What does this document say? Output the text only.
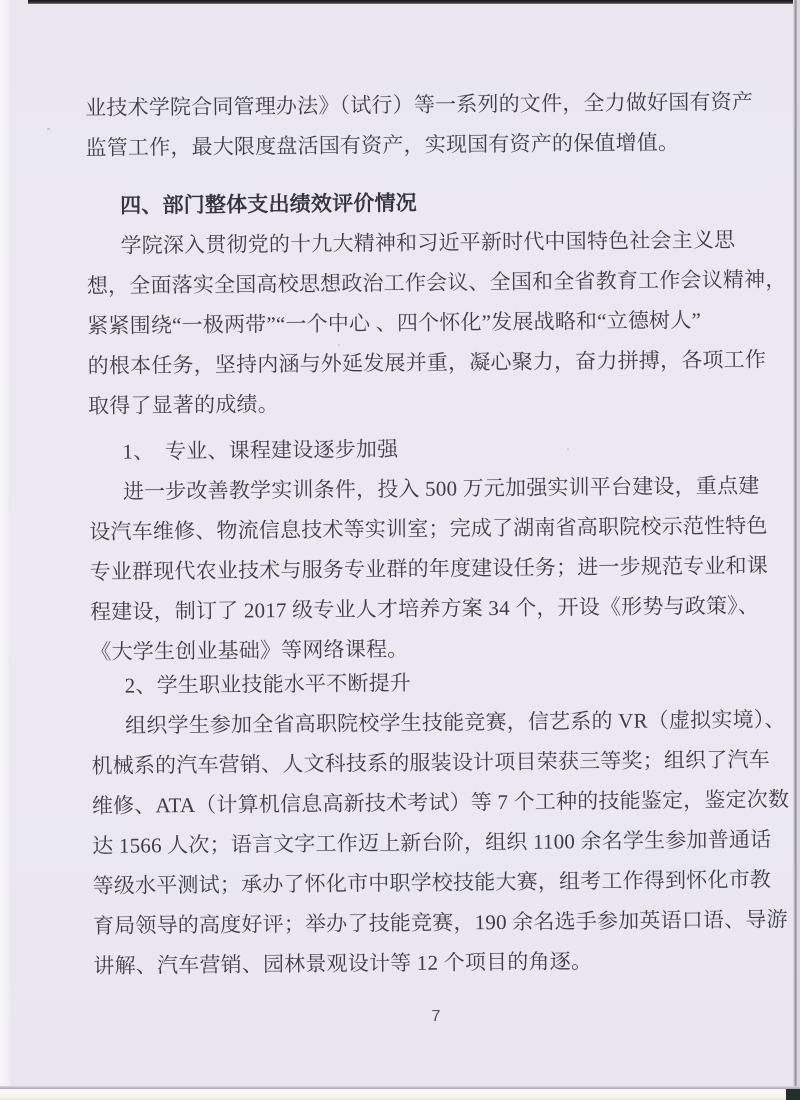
业技术学院合同管理办法》（试行）等一系列的文件，全力做好国有资产
监管工作，最大限度盘活国有资产，实现国有资产的保值增值。
四、部门整体支出绩效评价情况
学院深入贯彻党的十九大精神和习近平新时代中国特色社会主义思
想，全面落实全国高校思想政治工作会议、全国和全省教育工作会议精神，
紧紧围绕“一极两带”“一个中心 、四个怀化”发展战略和“立德树人”
的根本任务，坚持内涵与外延发展并重，凝心聚力，奋力拼搏，各项工作
取得了显著的成绩。
1、　专业、课程建设逐步加强
进一步改善教学实训条件，投入 500 万元加强实训平台建设，重点建
设汽车维修、物流信息技术等实训室；完成了湖南省高职院校示范性特色
专业群现代农业技术与服务专业群的年度建设任务；进一步规范专业和课
程建设，制订了 2017 级专业人才培养方案 34 个，开设《形势与政策》、
《大学生创业基础》等网络课程。
2、学生职业技能水平不断提升
组织学生参加全省高职院校学生技能竞赛，信艺系的 VR（虚拟实境）、
机械系的汽车营销、人文科技系的服装设计项目荣获三等奖；组织了汽车
维修、ATA（计算机信息高新技术考试）等 7 个工种的技能鉴定，鉴定次数
达 1566 人次；语言文字工作迈上新台阶，组织 1100 余名学生参加普通话
等级水平测试；承办了怀化市中职学校技能大赛，组考工作得到怀化市教
育局领导的高度好评；举办了技能竞赛，190 余名选手参加英语口语、导游
讲解、汽车营销、园林景观设计等 12 个项目的角逐。
7
